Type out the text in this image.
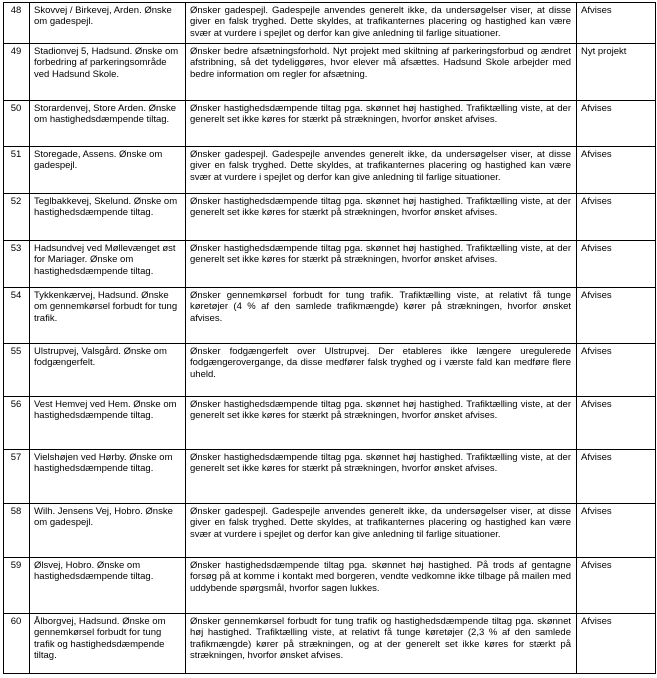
48	Skovvej / Birkevej, Arden. Ønske om gadespejl.	Ønsker gadespejl. Gadespejle anvendes generelt ikke, da undersøgelser viser, at disse giver en falsk tryghed. Dette skyldes, at trafikanternes placering og hastighed kan være svær at vurdere i spejlet og derfor kan give anledning til farlige situationer.	Afvises
49	Stadionvej 5, Hadsund. Ønske om forbedring af parkeringsområde ved Hadsund Skole.	Ønsker bedre afsætningsforhold. Nyt projekt med skiltning af parkeringsforbud og ændret afstribning, så det tydeliggøres, hvor elever må afsættes. Hadsund Skole arbejder med bedre information om regler for afsætning.	Nyt projekt
50	Storardenvej, Store Arden. Ønske om hastighedsdæmpende tiltag.	Ønsker hastighedsdæmpende tiltag pga. skønnet høj hastighed. Trafiktælling viste, at der generelt set ikke køres for stærkt på strækningen, hvorfor ønsket afvises.	Afvises
51	Storegade, Assens. Ønske om gadespejl.	Ønsker gadespejl. Gadespejle anvendes generelt ikke, da undersøgelser viser, at disse giver en falsk tryghed. Dette skyldes, at trafikanternes placering og hastighed kan være svær at vurdere i spejlet og derfor kan give anledning til farlige situationer.	Afvises
52	Teglbakkevej, Skelund. Ønske om hastighedsdæmpende tiltag.	Ønsker hastighedsdæmpende tiltag pga. skønnet høj hastighed. Trafiktælling viste, at der generelt set ikke køres for stærkt på strækningen, hvorfor ønsket afvises.	Afvises
53	Hadsundvej ved Møllevænget øst for Mariager. Ønske om hastighedsdæmpende tiltag.	Ønsker hastighedsdæmpende tiltag pga. skønnet høj hastighed. Trafiktælling viste, at der generelt set ikke køres for stærkt på strækningen, hvorfor ønsket afvises.	Afvises
54	Tykkenkærvej, Hadsund. Ønske om gennemkørsel forbudt for tung trafik.	Ønsker gennemkørsel forbudt for tung trafik. Trafiktælling viste, at relativt få tunge køretøjer (4 % af den samlede trafikmængde) kører på strækningen, hvorfor ønsket afvises.	Afvises
55	Ulstrupvej, Valsgård. Ønske om fodgængerfelt.	Ønsker fodgængerfelt over Ulstrupvej. Der etableres ikke længere uregulerede fodgængerovergange, da disse medfører falsk tryghed og i værste fald kan medføre flere uheld.	Afvises
56	Vest Hemvej ved Hem. Ønske om hastighedsdæmpende tiltag.	Ønsker hastighedsdæmpende tiltag pga. skønnet høj hastighed. Trafiktælling viste, at der generelt set ikke køres for stærkt på strækningen, hvorfor ønsket afvises.	Afvises
57	Vielshøjen ved Hørby. Ønske om hastighedsdæmpende tiltag.	Ønsker hastighedsdæmpende tiltag pga. skønnet høj hastighed. Trafiktælling viste, at der generelt set ikke køres for stærkt på strækningen, hvorfor ønsket afvises.	Afvises
58	Wilh. Jensens Vej, Hobro. Ønske om gadespejl.	Ønsker gadespejl. Gadespejle anvendes generelt ikke, da undersøgelser viser, at disse giver en falsk tryghed. Dette skyldes, at trafikanternes placering og hastighed kan være svær at vurdere i spejlet og derfor kan give anledning til farlige situationer.	Afvises
59	Ølsvej, Hobro. Ønske om hastighedsdæmpende tiltag.	Ønsker hastighedsdæmpende tiltag pga. skønnet høj hastighed. På trods af gentagne forsøg på at komme i kontakt med borgeren, vendte vedkomne ikke tilbage på mailen med uddybende spørgsmål, hvorfor sagen lukkes.	Afvises
60	Ålborgvej, Hadsund. Ønske om gennemkørsel forbudt for tung trafik og hastighedsdæmpende tiltag.	Ønsker gennemkørsel forbudt for tung trafik og hastighedsdæmpende tiltag pga. skønnet høj hastighed. Trafiktælling viste, at relativt få tunge køretøjer (2,3 % af den samlede trafikmængde) kører på strækningen, og at der generelt set ikke køres for stærkt på strækningen, hvorfor ønsket afvises.	Afvises
